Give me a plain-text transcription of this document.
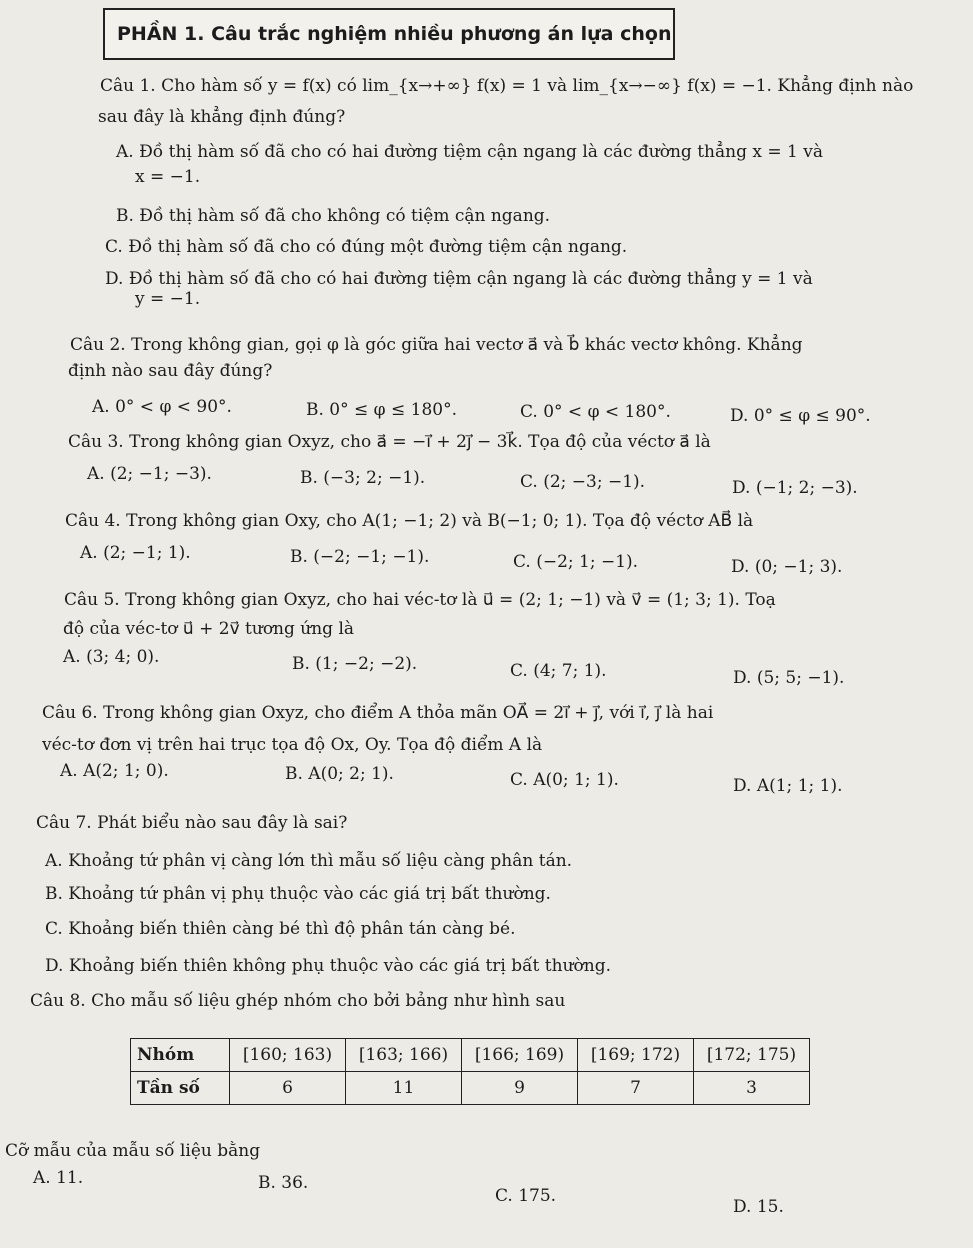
PHẦN 1. Câu trắc nghiệm nhiều phương án lựa chọn
Câu 1. Cho hàm số y = f(x) có lim_{x→+∞} f(x) = 1 và lim_{x→−∞} f(x) = −1. Khẳng định nào
sau đây là khẳng định đúng?
A. Đồ thị hàm số đã cho có hai đường tiệm cận ngang là các đường thẳng x = 1 và
x = −1.
B. Đồ thị hàm số đã cho không có tiệm cận ngang.
C. Đồ thị hàm số đã cho có đúng một đường tiệm cận ngang.
D. Đồ thị hàm số đã cho có hai đường tiệm cận ngang là các đường thẳng y = 1 và
y = −1.
Câu 2. Trong không gian, gọi φ là góc giữa hai vectơ a⃗ và b⃗ khác vectơ không. Khẳng
định nào sau đây đúng?
A. 0° < φ < 90°.	B. 0° ≤ φ ≤ 180°.	C. 0° < φ < 180°.	D. 0° ≤ φ ≤ 90°.
Câu 3. Trong không gian Oxyz, cho a⃗ = −i⃗ + 2j⃗ − 3k⃗. Tọa độ của véctơ a⃗ là
A. (2; −1; −3).	B. (−3; 2; −1).	C. (2; −3; −1).	D. (−1; 2; −3).
Câu 4. Trong không gian Oxy, cho A(1; −1; 2) và B(−1; 0; 1). Tọa độ véctơ AB⃗ là
A. (2; −1; 1).	B. (−2; −1; −1).	C. (−2; 1; −1).	D. (0; −1; 3).
Câu 5. Trong không gian Oxyz, cho hai véc-tơ là u⃗ = (2; 1; −1) và v⃗ = (1; 3; 1). Toạ
độ của véc-tơ u⃗ + 2v⃗ tương ứng là
A. (3; 4; 0).	B. (1; −2; −2).	C. (4; 7; 1).	D. (5; 5; −1).
Câu 6. Trong không gian Oxyz, cho điểm A thỏa mãn OA⃗ = 2i⃗ + j⃗, với i⃗, j⃗ là hai
véc-tơ đơn vị trên hai trục tọa độ Ox, Oy. Tọa độ điểm A là
A. A(2; 1; 0).	B. A(0; 2; 1).	C. A(0; 1; 1).	D. A(1; 1; 1).
Câu 7. Phát biểu nào sau đây là sai?
A. Khoảng tứ phân vị càng lớn thì mẫu số liệu càng phân tán.
B. Khoảng tứ phân vị phụ thuộc vào các giá trị bất thường.
C. Khoảng biến thiên càng bé thì độ phân tán càng bé.
D. Khoảng biến thiên không phụ thuộc vào các giá trị bất thường.
Câu 8. Cho mẫu số liệu ghép nhóm cho bởi bảng như hình sau
Nhóm	[160; 163)	[163; 166)	[166; 169)	[169; 172)	[172; 175)
Tần số	6	11	9	7	3
Cỡ mẫu của mẫu số liệu bằng
A. 11.	B. 36.
C. 175.
D. 15.
